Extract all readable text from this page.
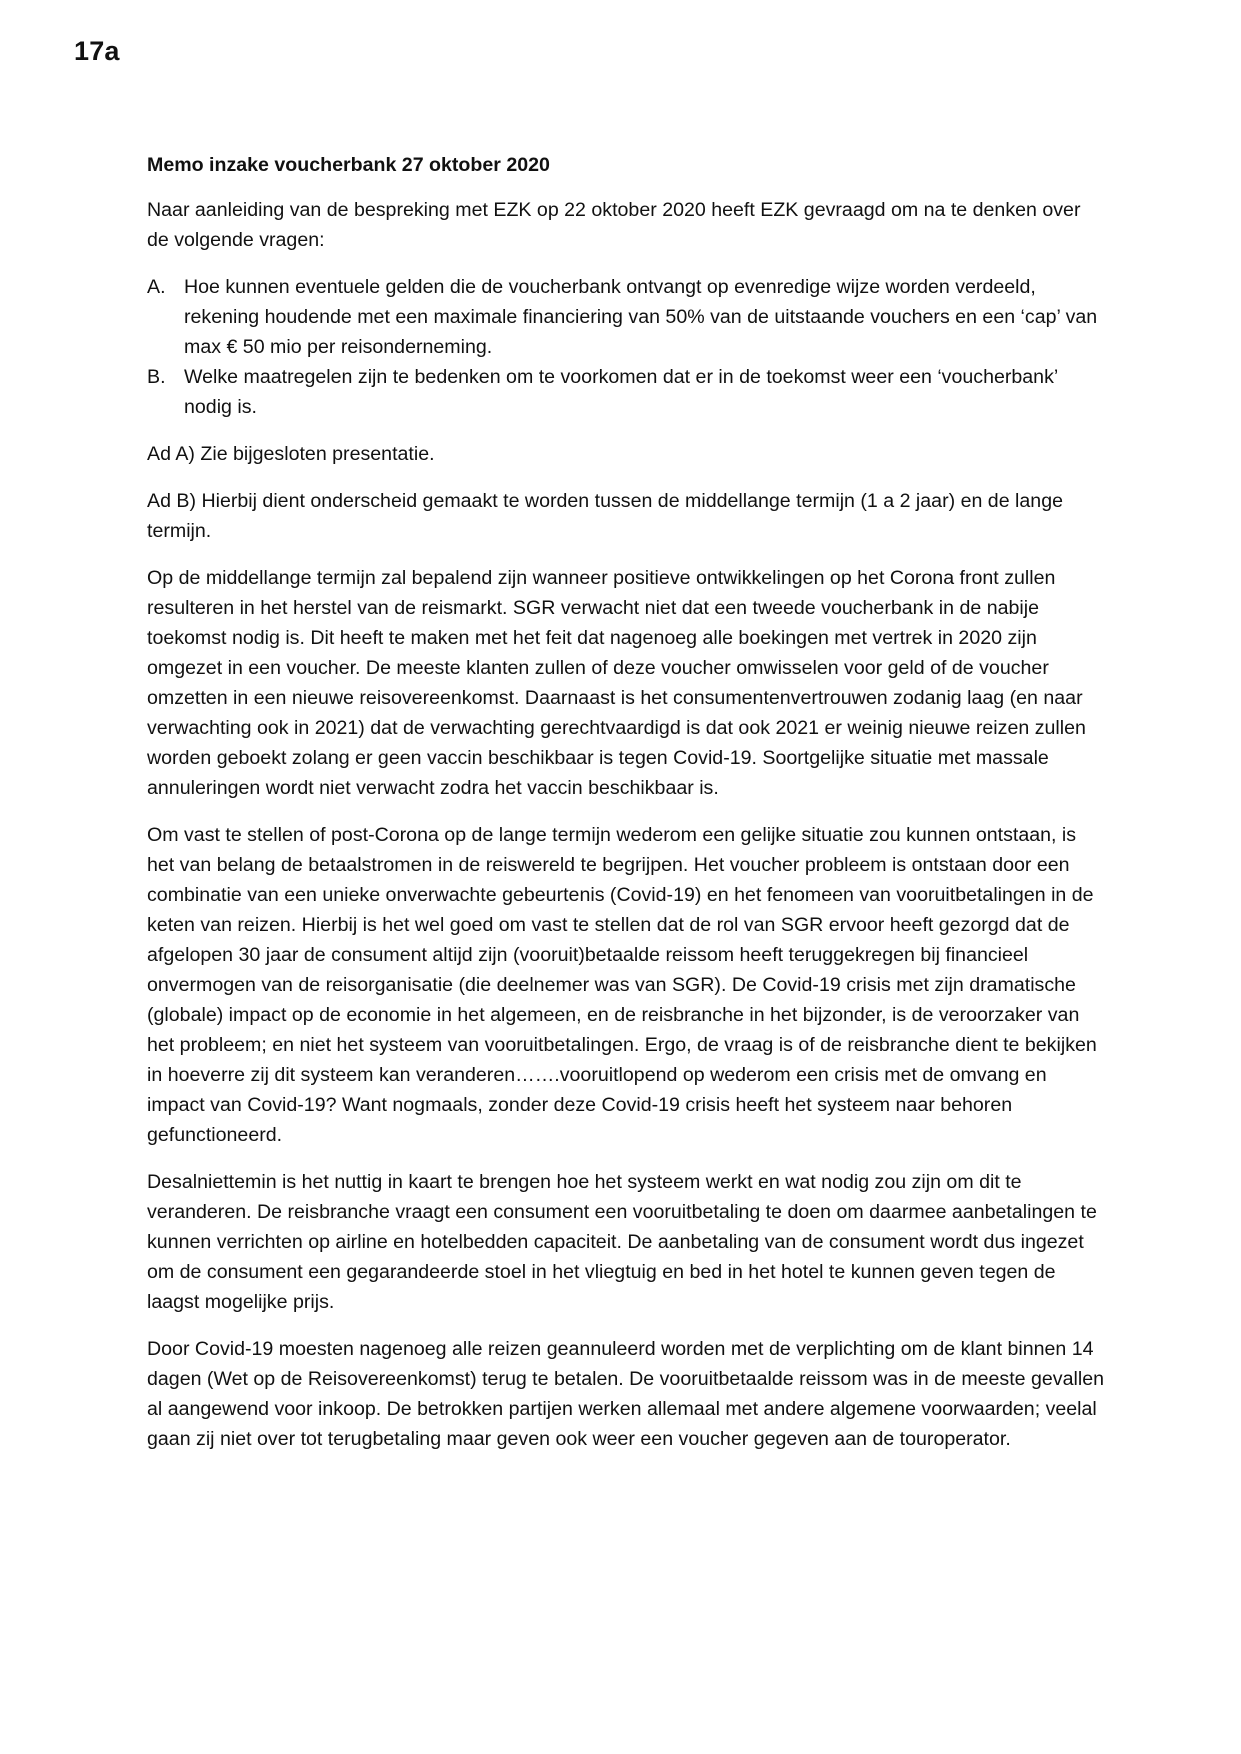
17a

Memo inzake voucherbank 27 oktober 2020

Naar aanleiding van de bespreking met EZK op 22 oktober 2020 heeft EZK gevraagd om na te denken over de volgende vragen:

A. Hoe kunnen eventuele gelden die de voucherbank ontvangt op evenredige wijze worden verdeeld, rekening houdende met een maximale financiering van 50% van de uitstaande vouchers en een ‘cap’ van max € 50 mio per reisonderneming.
B. Welke maatregelen zijn te bedenken om te voorkomen dat er in de toekomst weer een ‘voucherbank’ nodig is.

Ad A) Zie bijgesloten presentatie.

Ad B) Hierbij dient onderscheid gemaakt te worden tussen de middellange termijn (1 a 2 jaar) en de lange termijn.

Op de middellange termijn zal bepalend zijn wanneer positieve ontwikkelingen op het Corona front zullen resulteren in het herstel van de reismarkt. SGR verwacht niet dat een tweede voucherbank in de nabije toekomst nodig is. Dit heeft te maken met het feit dat nagenoeg alle boekingen met vertrek in 2020 zijn omgezet in een voucher. De meeste klanten zullen of deze voucher omwisselen voor geld of de voucher omzetten in een nieuwe reisovereenkomst. Daarnaast is het consumentenvertrouwen zodanig laag (en naar verwachting ook in 2021) dat de verwachting gerechtvaardigd is dat ook 2021 er weinig nieuwe reizen zullen worden geboekt zolang er geen vaccin beschikbaar is tegen Covid-19. Soortgelijke situatie met massale annuleringen wordt niet verwacht zodra het vaccin beschikbaar is.

Om vast te stellen of post-Corona op de lange termijn wederom een gelijke situatie zou kunnen ontstaan, is het van belang de betaalstromen in de reiswereld te begrijpen. Het voucher probleem is ontstaan door een combinatie van een unieke onverwachte gebeurtenis (Covid-19) en het fenomeen van vooruitbetalingen in de keten van reizen. Hierbij is het wel goed om vast te stellen dat de rol van SGR ervoor heeft gezorgd dat de afgelopen 30 jaar de consument altijd zijn (vooruit)betaalde reissom heeft teruggekregen bij financieel onvermogen van de reisorganisatie (die deelnemer was van SGR). De Covid-19 crisis met zijn dramatische (globale) impact op de economie in het algemeen, en de reisbranche in het bijzonder, is de veroorzaker van het probleem; en niet het systeem van vooruitbetalingen. Ergo, de vraag is of de reisbranche dient te bekijken in hoeverre zij dit systeem kan veranderen…….vooruitlopend op wederom een crisis met de omvang en impact van Covid-19? Want nogmaals, zonder deze Covid-19 crisis heeft het systeem naar behoren gefunctioneerd.

Desalniettemin is het nuttig in kaart te brengen hoe het systeem werkt en wat nodig zou zijn om dit te veranderen. De reisbranche vraagt een consument een vooruitbetaling te doen om daarmee aanbetalingen te kunnen verrichten op airline en hotelbedden capaciteit. De aanbetaling van de consument wordt dus ingezet om de consument een gegarandeerde stoel in het vliegtuig en bed in het hotel te kunnen geven tegen de laagst mogelijke prijs.

Door Covid-19 moesten nagenoeg alle reizen geannuleerd worden met de verplichting om de klant binnen 14 dagen (Wet op de Reisovereenkomst) terug te betalen. De vooruitbetaalde reissom was in de meeste gevallen al aangewend voor inkoop. De betrokken partijen werken allemaal met andere algemene voorwaarden; veelal gaan zij niet over tot terugbetaling maar geven ook weer een voucher gegeven aan de touroperator.
